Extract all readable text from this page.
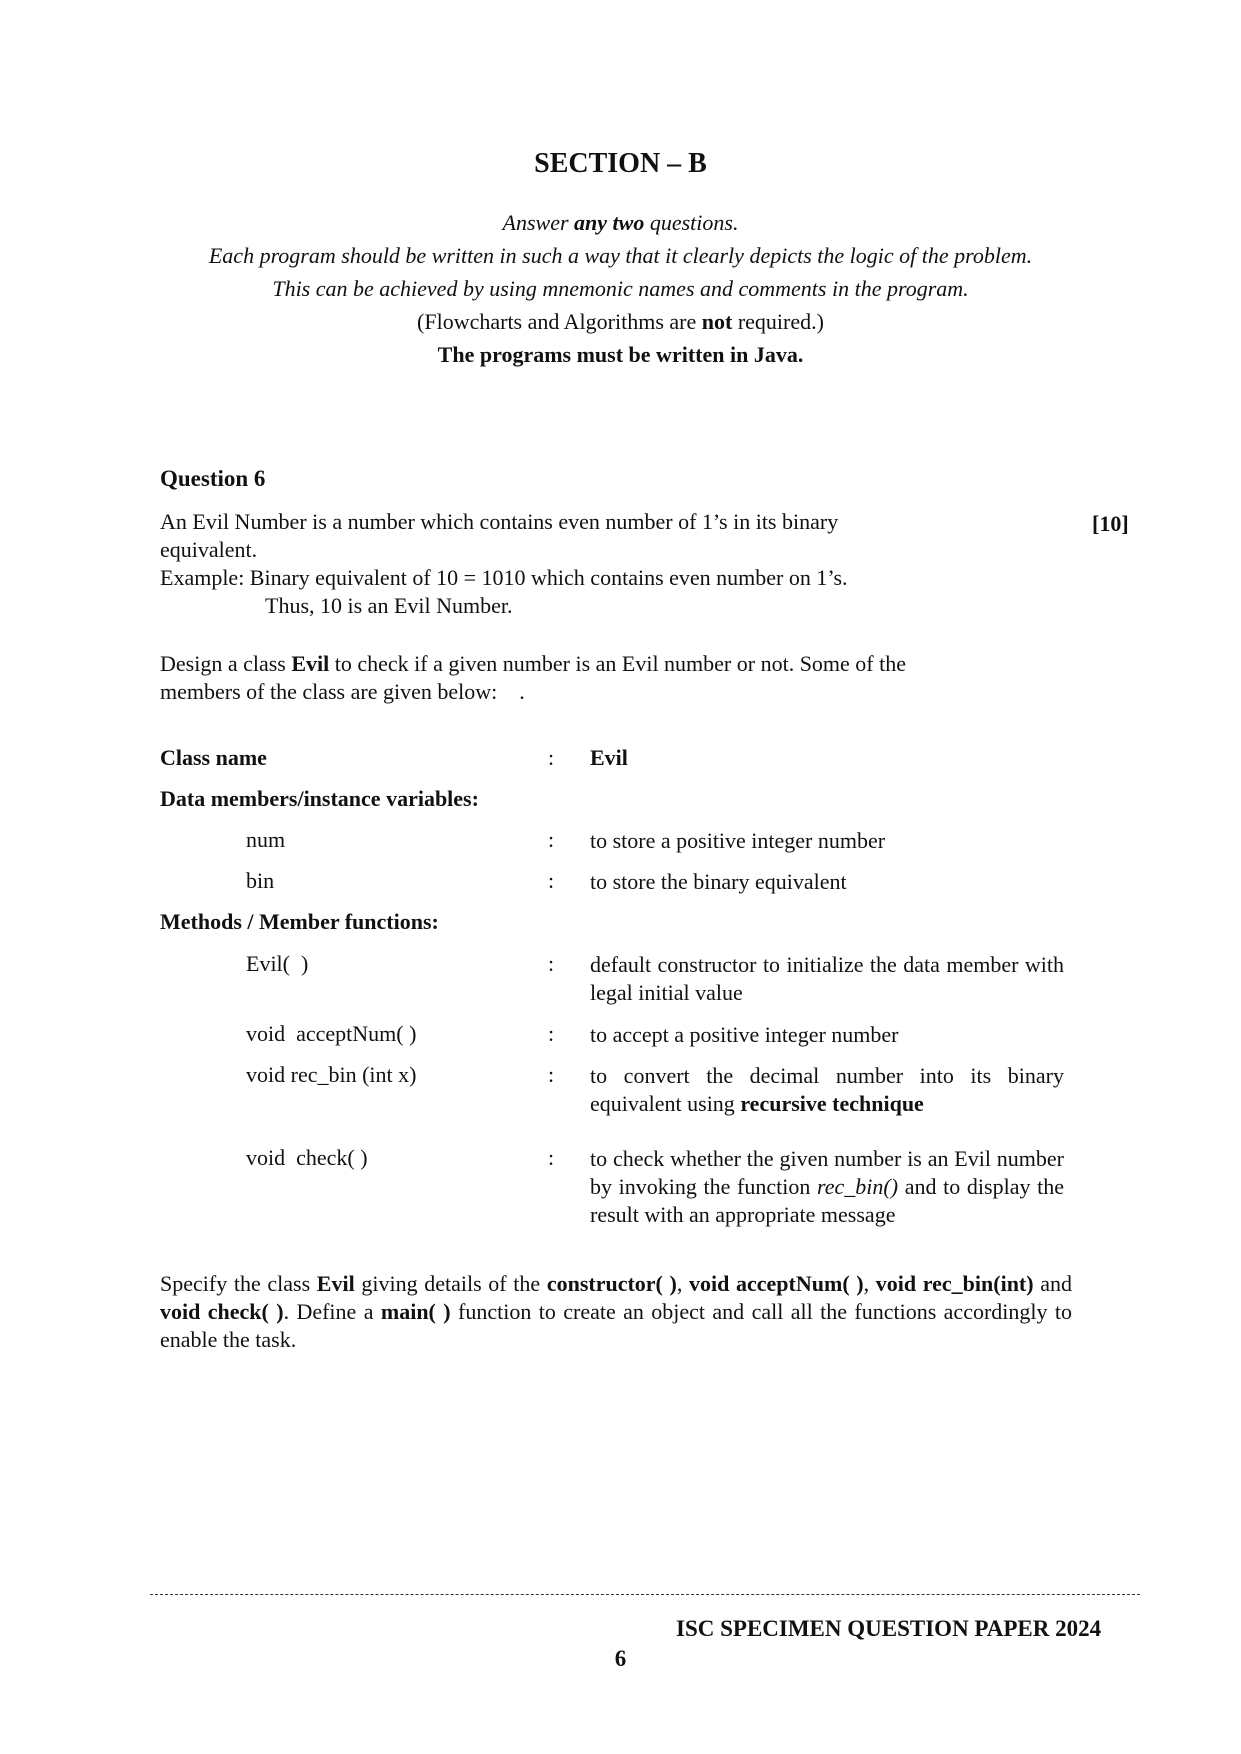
SECTION – B
Answer any two questions.
Each program should be written in such a way that it clearly depicts the logic of the problem.
This can be achieved by using mnemonic names and comments in the program.
(Flowcharts and Algorithms are not required.)
The programs must be written in Java.
Question 6
[10]
An Evil Number is a number which contains even number of 1’s in its binary
equivalent.
Example: Binary equivalent of 10 = 1010 which contains even number on 1’s.
Thus, 10 is an Evil Number.
Design a class Evil to check if a given number is an Evil number or not. Some of the
members of the class are given below:    .
Class name	: Evil
Data members/instance variables:
num	: to store a positive integer number
bin	: to store the binary equivalent
Methods / Member functions:
Evil(  )	: default constructor to initialize the data member with legal initial value
void  acceptNum( )	: to accept a positive integer number
void rec_bin (int x)	: to convert the decimal number into its binary equivalent using recursive technique
void  check( )	: to check whether the given number is an Evil number by invoking the function rec_bin() and to display the result with an appropriate message
Specify the class Evil giving details of the constructor( ), void acceptNum( ), void rec_bin(int) and void check( ). Define a main( ) function to create an object and call all the functions accordingly to enable the task.
ISC SPECIMEN QUESTION PAPER 2024
6
